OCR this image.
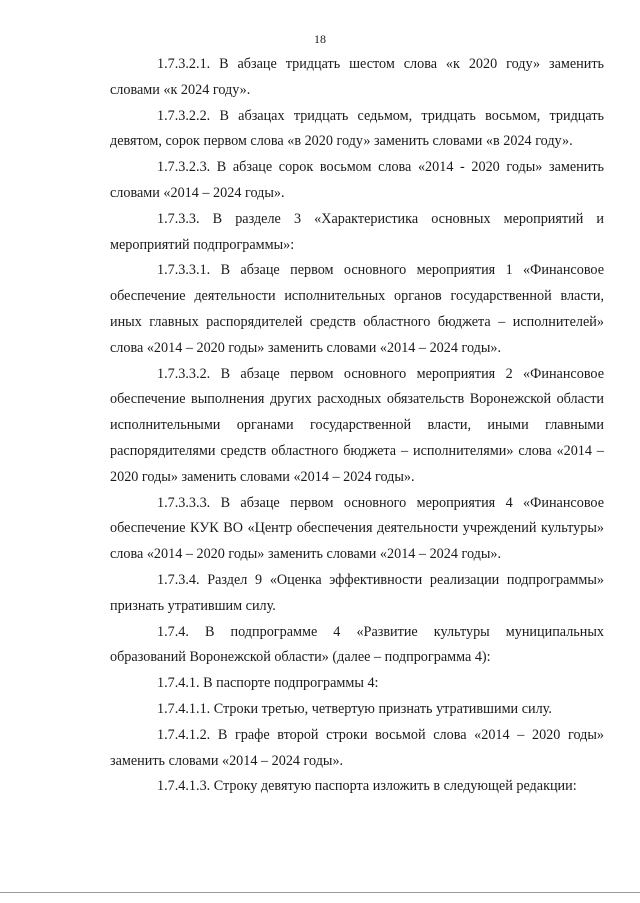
18

1.7.3.2.1. В абзаце тридцать шестом слова «к 2020 году» заменить словами «к 2024 году».

1.7.3.2.2. В абзацах тридцать седьмом, тридцать восьмом, тридцать девятом, сорок первом слова «в 2020 году» заменить словами «в 2024 году».

1.7.3.2.3. В абзаце сорок восьмом слова «2014 - 2020 годы» заменить словами «2014 – 2024 годы».

1.7.3.3. В разделе 3 «Характеристика основных мероприятий и мероприятий подпрограммы»:

1.7.3.3.1. В абзаце первом основного мероприятия 1 «Финансовое обеспечение деятельности исполнительных органов государственной власти, иных главных распорядителей средств областного бюджета – исполнителей» слова «2014 – 2020 годы» заменить словами «2014 – 2024 годы».

1.7.3.3.2. В абзаце первом основного мероприятия 2 «Финансовое обеспечение выполнения других расходных обязательств Воронежской области исполнительными органами государственной власти, иными главными распорядителями средств областного бюджета – исполнителями» слова «2014 – 2020 годы» заменить словами «2014 – 2024 годы».

1.7.3.3.3. В абзаце первом основного мероприятия 4 «Финансовое обеспечение КУК ВО «Центр обеспечения деятельности учреждений культуры» слова «2014 – 2020 годы» заменить словами «2014 – 2024 годы».

1.7.3.4. Раздел 9 «Оценка эффективности реализации подпрограммы» признать утратившим силу.

1.7.4. В подпрограмме 4 «Развитие культуры муниципальных образований Воронежской области» (далее – подпрограмма 4):

1.7.4.1. В паспорте подпрограммы 4:

1.7.4.1.1. Строки третью, четвертую признать утратившими силу.

1.7.4.1.2. В графе второй строки восьмой слова «2014 – 2020 годы» заменить словами «2014 – 2024 годы».

1.7.4.1.3. Строку девятую паспорта изложить в следующей редакции:
